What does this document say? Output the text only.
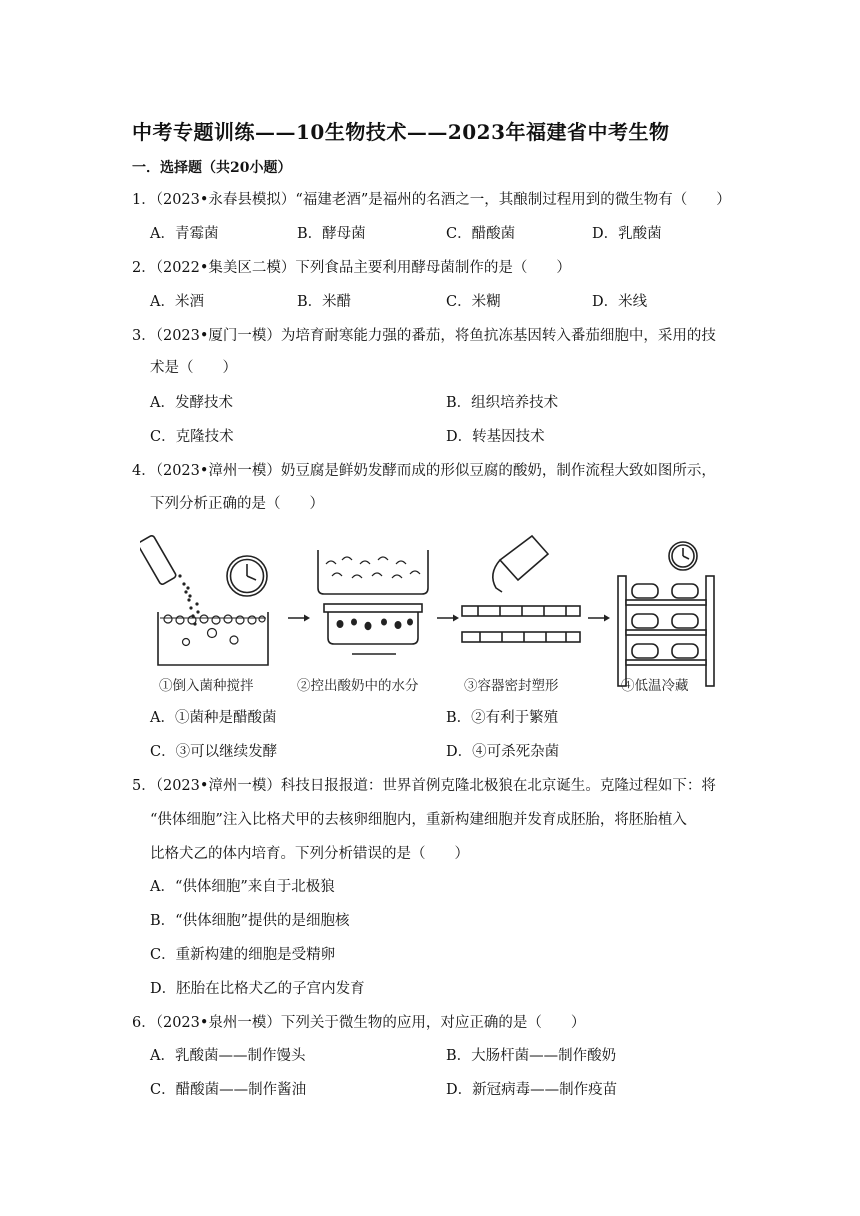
中考专题训练——10生物技术——2023年福建省中考生物
一．选择题（共20小题）
1．（2023•永春县模拟）“福建老酒”是福州的名酒之一，其酿制过程用到的微生物有（　　）
A．青霉菌	B．酵母菌	C．醋酸菌	D．乳酸菌
2．（2022•集美区二模）下列食品主要利用酵母菌制作的是（　　）
A．米酒	B．米醋	C．米糊	D．米线
3．（2023•厦门一模）为培育耐寒能力强的番茄，将鱼抗冻基因转入番茄细胞中，采用的技
术是（　　）
A．发酵技术	B．组织培养技术
C．克隆技术	D．转基因技术
4．（2023•漳州一模）奶豆腐是鲜奶发酵而成的形似豆腐的酸奶，制作流程大致如图所示，
下列分析正确的是（　　）
①倒入菌种搅拌	②控出酸奶中的水分	③容器密封塑形	④低温冷藏
A．①菌种是醋酸菌	B．②有利于繁殖
C．③可以继续发酵	D．④可杀死杂菌
5．（2023•漳州一模）科技日报报道：世界首例克隆北极狼在北京诞生。克隆过程如下：将
“供体细胞”注入比格犬甲的去核卵细胞内，重新构建细胞并发育成胚胎，将胚胎植入
比格犬乙的体内培育。下列分析错误的是（　　）
A．“供体细胞”来自于北极狼
B．“供体细胞”提供的是细胞核
C．重新构建的细胞是受精卵
D．胚胎在比格犬乙的子宫内发育
6．（2023•泉州一模）下列关于微生物的应用，对应正确的是（　　）
A．乳酸菌——制作馒头	B．大肠杆菌——制作酸奶
C．醋酸菌——制作酱油	D．新冠病毒——制作疫苗
